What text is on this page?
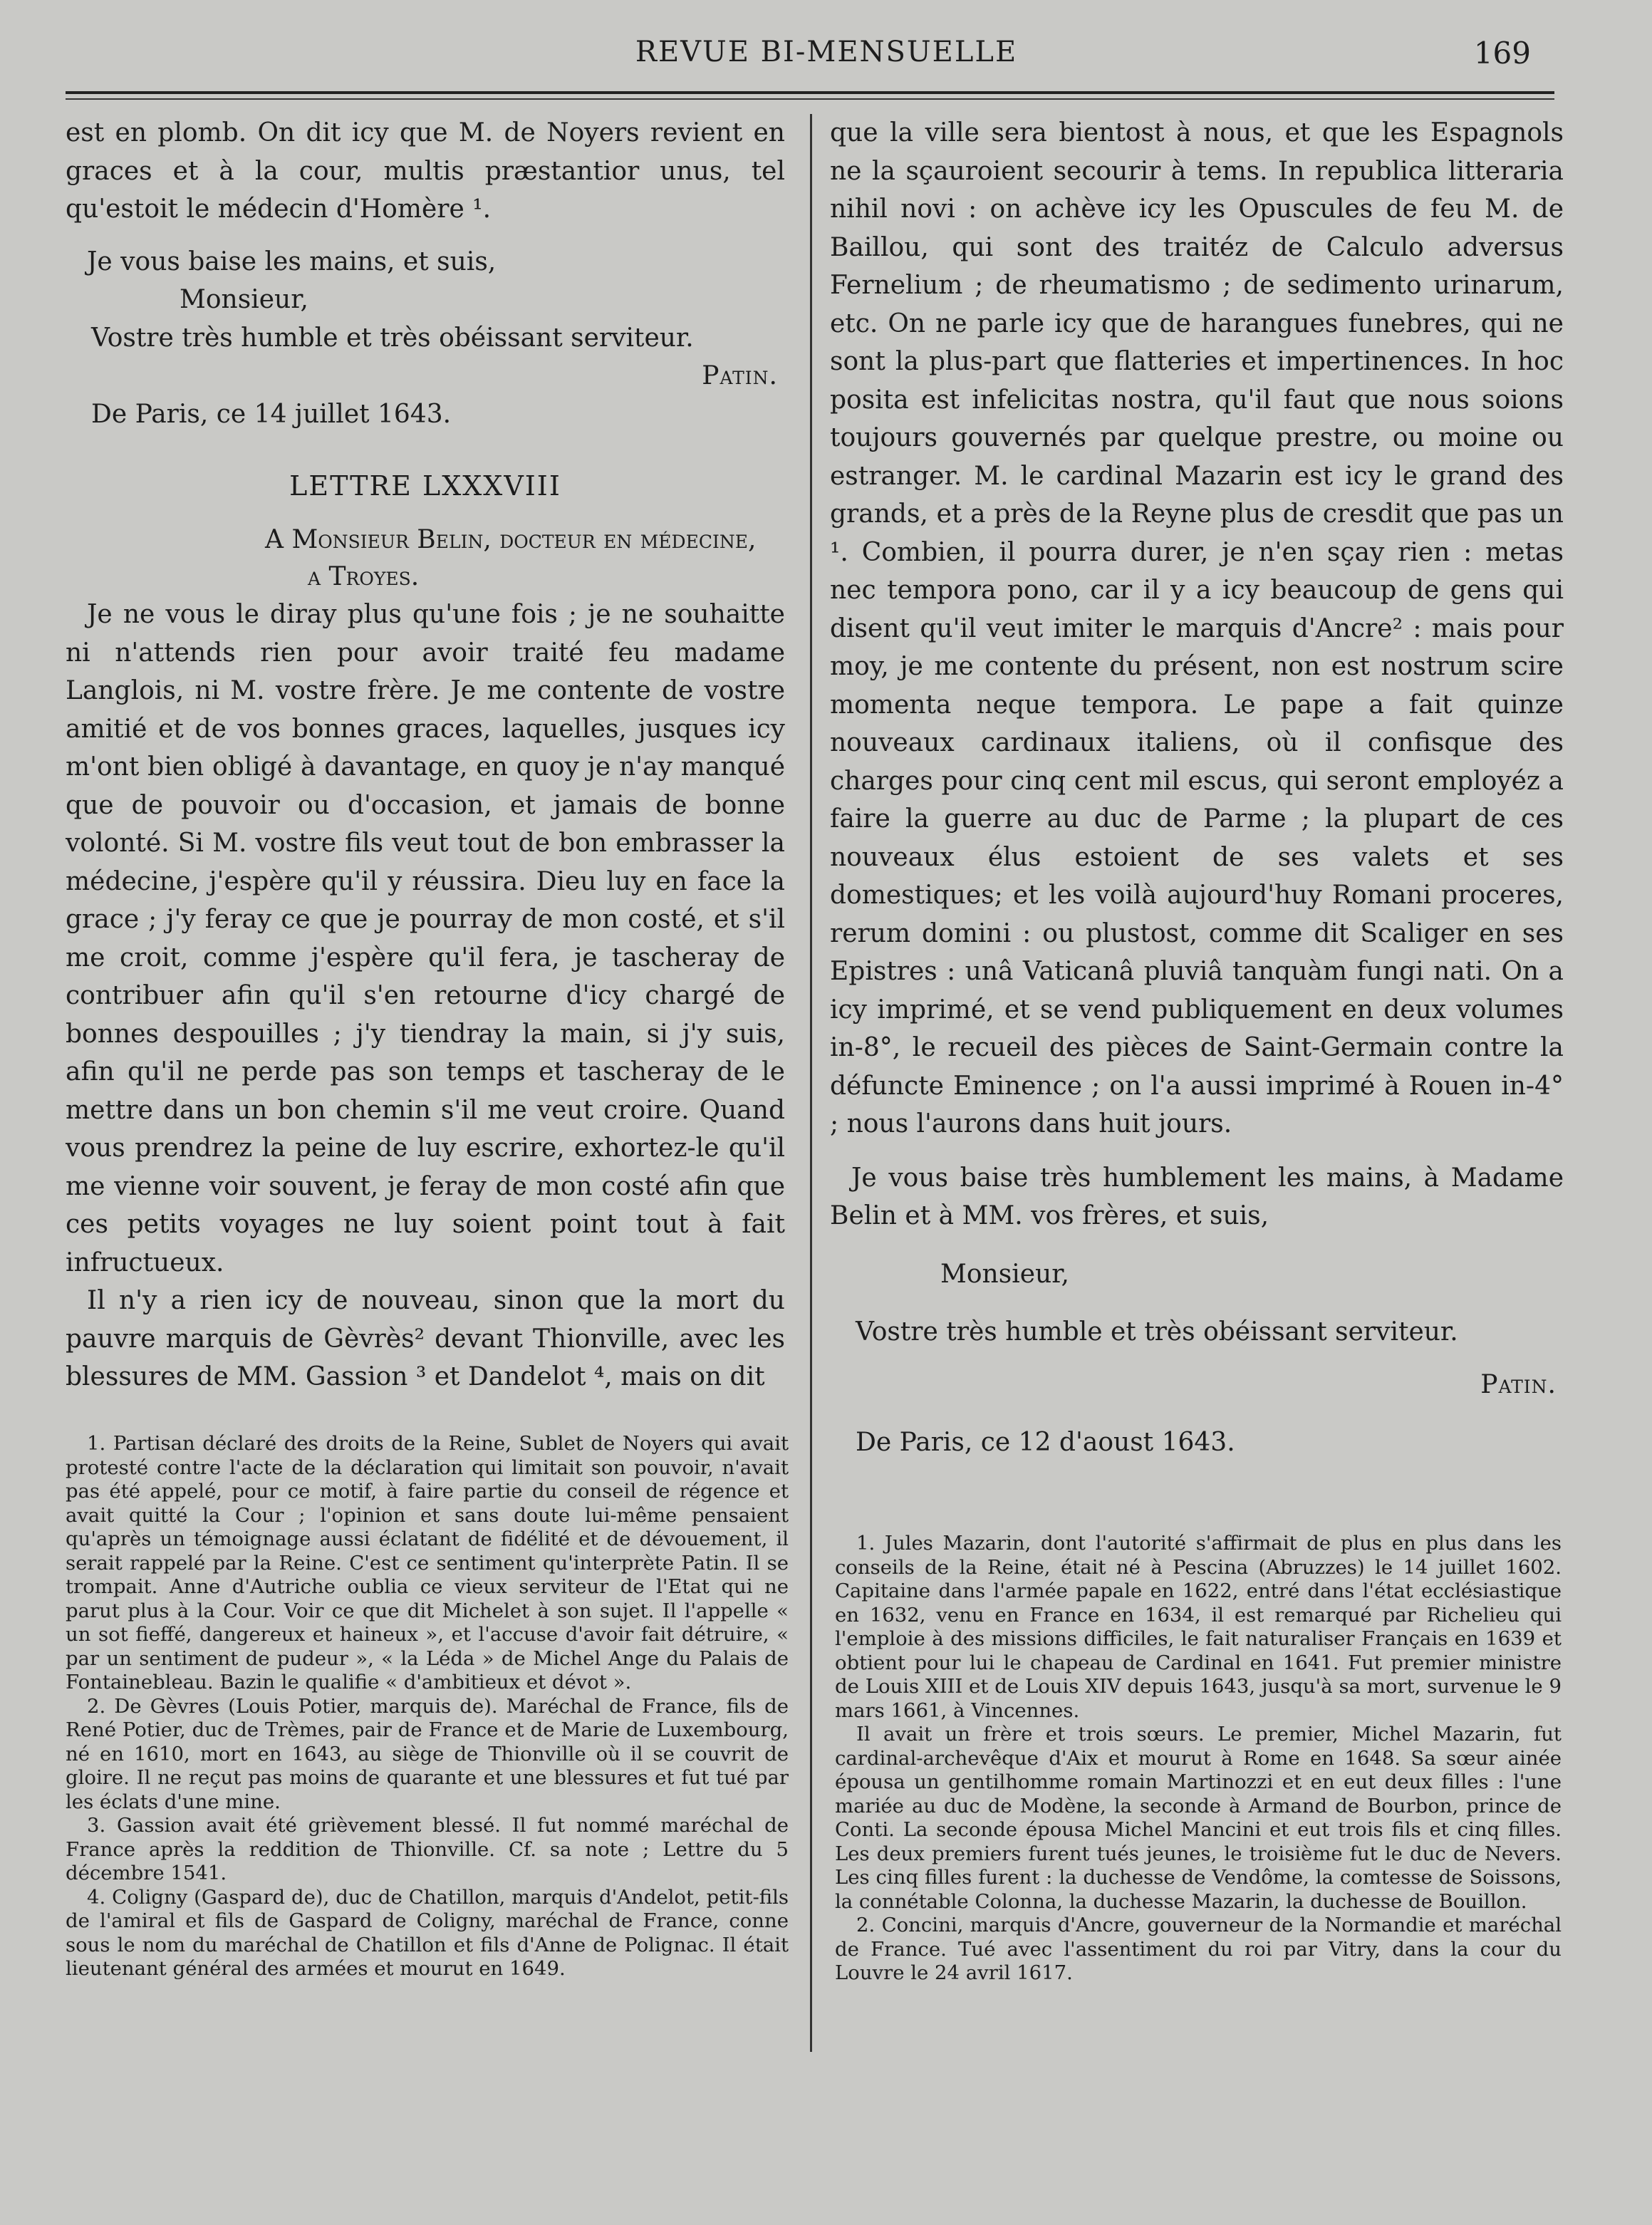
REVUE BI-MENSUELLE	169

est en plomb. On dit icy que M. de Noyers revient en graces et à la cour, multis præstantior unus, tel qu'estoit le médecin d'Homère ¹.

Je vous baise les mains, et suis,

Monsieur,

Vostre très humble et très obéissant serviteur.

Patin.

De Paris, ce 14 juillet 1643.

LETTRE LXXXVIII

A Monsieur Belin, docteur en médecine,

a Troyes.

Je ne vous le diray plus qu'une fois ; je ne souhaitte ni n'attends rien pour avoir traité feu madame Langlois, ni M. vostre frère. Je me contente de vostre amitié et de vos bonnes graces, laquelles, jusques icy m'ont bien obligé à davantage, en quoy je n'ay manqué que de pouvoir ou d'occasion, et jamais de bonne volonté. Si M. vostre fils veut tout de bon embrasser la médecine, j'espère qu'il y réussira. Dieu luy en face la grace ; j'y feray ce que je pourray de mon costé, et s'il me croit, comme j'espère qu'il fera, je tascheray de contribuer afin qu'il s'en retourne d'icy chargé de bonnes despouilles ; j'y tiendray la main, si j'y suis, afin qu'il ne perde pas son temps et tascheray de le mettre dans un bon chemin s'il me veut croire. Quand vous prendrez la peine de luy escrire, exhortez-le qu'il me vienne voir souvent, je feray de mon costé afin que ces petits voyages ne luy soient point tout à fait infructueux.

Il n'y a rien icy de nouveau, sinon que la mort du pauvre marquis de Gèvrès² devant Thionville, avec les blessures de MM. Gassion ³ et Dandelot ⁴, mais on dit

1. Partisan déclaré des droits de la Reine, Sublet de Noyers qui avait protesté contre l'acte de la déclaration qui limitait son pouvoir, n'avait pas été appelé, pour ce motif, à faire partie du conseil de régence et avait quitté la Cour ; l'opinion et sans doute lui-même pensaient qu'après un témoignage aussi éclatant de fidélité et de dévouement, il serait rappelé par la Reine. C'est ce sentiment qu'interprète Patin. Il se trompait. Anne d'Autriche oublia ce vieux serviteur de l'Etat qui ne parut plus à la Cour. Voir ce que dit Michelet à son sujet. Il l'appelle « un sot fieffé, dangereux et haineux », et l'accuse d'avoir fait détruire, « par un sentiment de pudeur », « la Léda » de Michel Ange du Palais de Fontainebleau. Bazin le qualifie « d'ambitieux et dévot ».

2. De Gèvres (Louis Potier, marquis de). Maréchal de France, fils de René Potier, duc de Trèmes, pair de France et de Marie de Luxembourg, né en 1610, mort en 1643, au siège de Thionville où il se couvrit de gloire. Il ne reçut pas moins de quarante et une blessures et fut tué par les éclats d'une mine.

3. Gassion avait été grièvement blessé. Il fut nommé maréchal de France après la reddition de Thionville. Cf. sa note ; Lettre du 5 décembre 1541.

4. Coligny (Gaspard de), duc de Chatillon, marquis d'Andelot, petit-fils de l'amiral et fils de Gaspard de Coligny, maréchal de France, conne sous le nom du maréchal de Chatillon et fils d'Anne de Polignac. Il était lieutenant général des armées et mourut en 1649.

que la ville sera bientost à nous, et que les Espagnols ne la sçauroient secourir à tems. In republica litteraria nihil novi : on achève icy les Opuscules de feu M. de Baillou, qui sont des traitéz de Calculo adversus Fernelium ; de rheumatismo ; de sedimento urinarum, etc. On ne parle icy que de harangues funebres, qui ne sont la plus-part que flatteries et impertinences. In hoc posita est infelicitas nostra, qu'il faut que nous soions toujours gouvernés par quelque prestre, ou moine ou estranger. M. le cardinal Mazarin est icy le grand des grands, et a près de la Reyne plus de cresdit que pas un ¹. Combien, il pourra durer, je n'en sçay rien : metas nec tempora pono, car il y a icy beaucoup de gens qui disent qu'il veut imiter le marquis d'Ancre² : mais pour moy, je me contente du présent, non est nostrum scire momenta neque tempora. Le pape a fait quinze nouveaux cardinaux italiens, où il confisque des charges pour cinq cent mil escus, qui seront employéz a faire la guerre au duc de Parme ; la plupart de ces nouveaux élus estoient de ses valets et ses domestiques; et les voilà aujourd'huy Romani proceres, rerum domini : ou plustost, comme dit Scaliger en ses Epistres : unâ Vaticanâ pluviâ tanquàm fungi nati. On a icy imprimé, et se vend publiquement en deux volumes in-8°, le recueil des pièces de Saint-Germain contre la défuncte Eminence ; on l'a aussi imprimé à Rouen in-4° ; nous l'aurons dans huit jours.

Je vous baise très humblement les mains, à Madame Belin et à MM. vos frères, et suis,

Monsieur,

Vostre très humble et très obéissant serviteur.

Patin.

De Paris, ce 12 d'aoust 1643.

1. Jules Mazarin, dont l'autorité s'affirmait de plus en plus dans les conseils de la Reine, était né à Pescina (Abruzzes) le 14 juillet 1602. Capitaine dans l'armée papale en 1622, entré dans l'état ecclésiastique en 1632, venu en France en 1634, il est remarqué par Richelieu qui l'emploie à des missions difficiles, le fait naturaliser Français en 1639 et obtient pour lui le chapeau de Cardinal en 1641. Fut premier ministre de Louis XIII et de Louis XIV depuis 1643, jusqu'à sa mort, survenue le 9 mars 1661, à Vincennes.

Il avait un frère et trois sœurs. Le premier, Michel Mazarin, fut cardinal-archevêque d'Aix et mourut à Rome en 1648. Sa sœur ainée épousa un gentilhomme romain Martinozzi et en eut deux filles : l'une mariée au duc de Modène, la seconde à Armand de Bourbon, prince de Conti. La seconde épousa Michel Mancini et eut trois fils et cinq filles. Les deux premiers furent tués jeunes, le troisième fut le duc de Nevers. Les cinq filles furent : la duchesse de Vendôme, la comtesse de Soissons, la connétable Colonna, la duchesse Mazarin, la duchesse de Bouillon.

2. Concini, marquis d'Ancre, gouverneur de la Normandie et maréchal de France. Tué avec l'assentiment du roi par Vitry, dans la cour du Louvre le 24 avril 1617.
